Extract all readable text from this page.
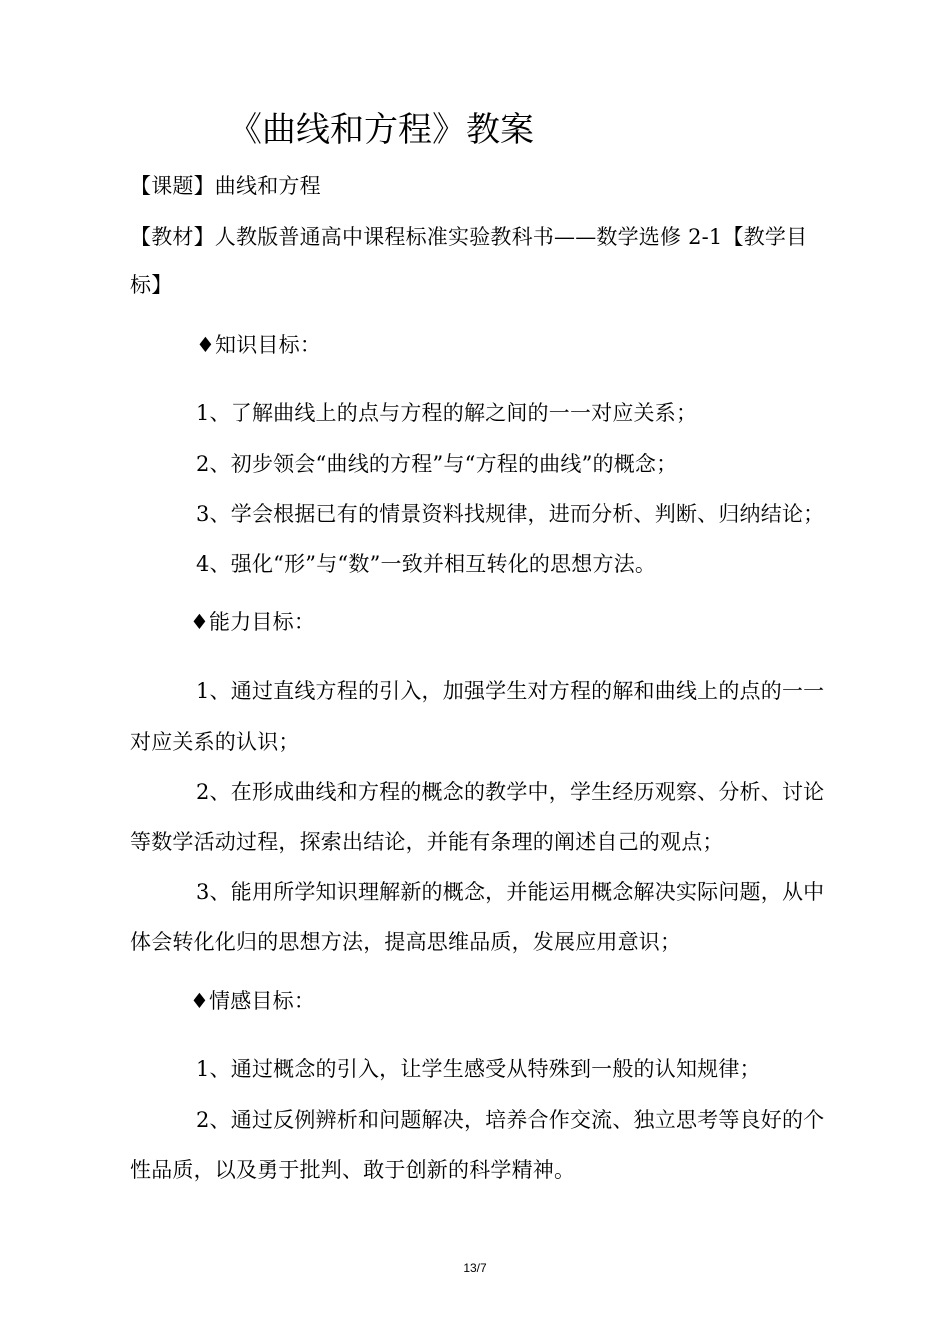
《曲线和方程》教案
【课题】曲线和方程
【教材】人教版普通高中课程标准实验教科书——数学选修 2-1【教学目
标】
♦知识目标：
1、了解曲线上的点与方程的解之间的一一对应关系；
2、初步领会“曲线的方程”与“方程的曲线”的概念；
3、学会根据已有的情景资料找规律，进而分析、判断、归纳结论；
4、强化“形”与“数”一致并相互转化的思想方法。
♦能力目标：
1、通过直线方程的引入，加强学生对方程的解和曲线上的点的一一
对应关系的认识；
2、在形成曲线和方程的概念的教学中，学生经历观察、分析、讨论
等数学活动过程，探索出结论，并能有条理的阐述自己的观点；
3、能用所学知识理解新的概念，并能运用概念解决实际问题，从中
体会转化化归的思想方法，提高思维品质，发展应用意识；
♦情感目标：
1、通过概念的引入，让学生感受从特殊到一般的认知规律；
2、通过反例辨析和问题解决，培养合作交流、独立思考等良好的个
性品质，以及勇于批判、敢于创新的科学精神。
13/7
